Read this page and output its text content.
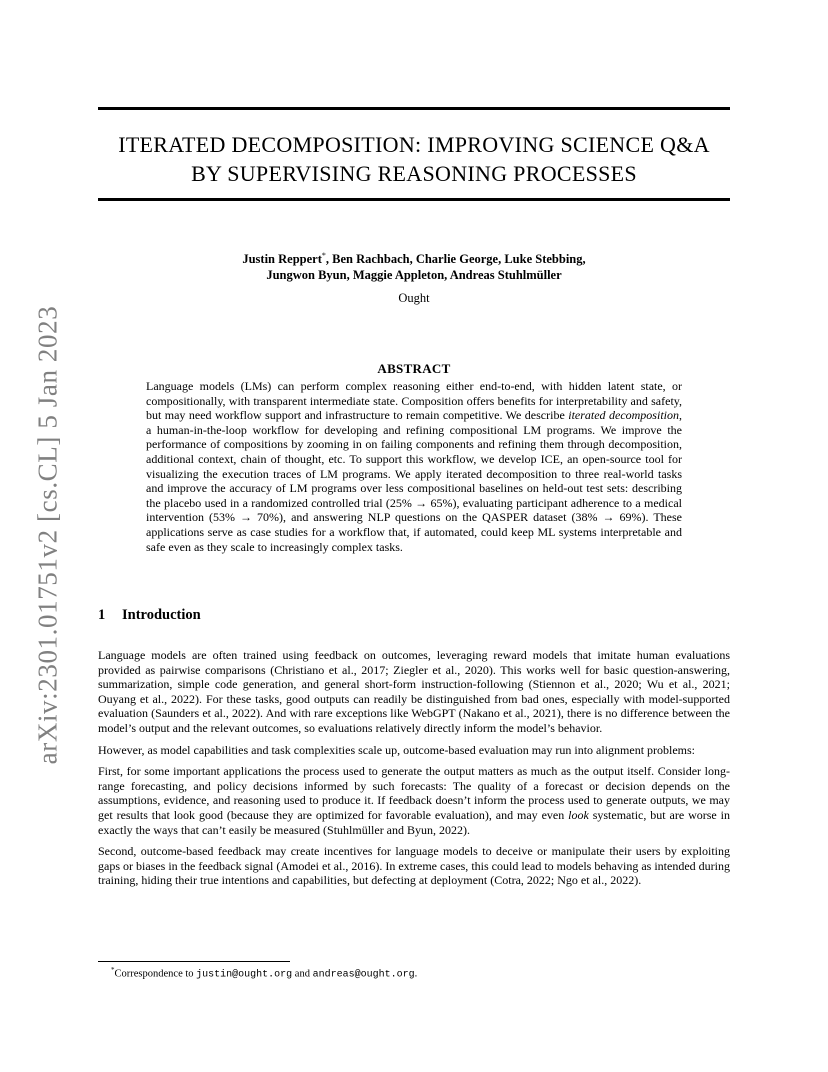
arXiv:2301.01751v2 [cs.CL] 5 Jan 2023
ITERATED DECOMPOSITION: IMPROVING SCIENCE Q&A
BY SUPERVISING REASONING PROCESSES
Justin Reppert*, Ben Rachbach, Charlie George, Luke Stebbing,
Jungwon Byun, Maggie Appleton, Andreas Stuhlmüller
Ought
ABSTRACT

Language models (LMs) can perform complex reasoning either end-to-end, with hidden latent state, or compositionally, with transparent intermediate state. Composition offers benefits for interpretability and safety, but may need workflow support and infrastructure to remain competitive. We describe iterated decomposition, a human-in-the-loop workflow for developing and refining compositional LM programs. We improve the performance of compositions by zooming in on failing components and refining them through decomposition, additional context, chain of thought, etc. To support this workflow, we develop ICE, an open-source tool for visualizing the execution traces of LM programs. We apply iterated decomposition to three real-world tasks and improve the accuracy of LM programs over less compositional baselines on held-out test sets: describing the placebo used in a randomized controlled trial (25% → 65%), evaluating participant adherence to a medical intervention (53% → 70%), and answering NLP questions on the QASPER dataset (38% → 69%). These applications serve as case studies for a workflow that, if automated, could keep ML systems interpretable and safe even as they scale to increasingly complex tasks.

1 Introduction

Language models are often trained using feedback on outcomes, leveraging reward models that imitate human evaluations provided as pairwise comparisons (Christiano et al., 2017; Ziegler et al., 2020). This works well for basic question-answering, summarization, simple code generation, and general short-form instruction-following (Stiennon et al., 2020; Wu et al., 2021; Ouyang et al., 2022). For these tasks, good outputs can readily be distinguished from bad ones, especially with model-supported evaluation (Saunders et al., 2022). And with rare exceptions like WebGPT (Nakano et al., 2021), there is no difference between the model’s output and the relevant outcomes, so evaluations relatively directly inform the model’s behavior.

However, as model capabilities and task complexities scale up, outcome-based evaluation may run into alignment problems:

First, for some important applications the process used to generate the output matters as much as the output itself. Consider long-range forecasting, and policy decisions informed by such forecasts: The quality of a forecast or decision depends on the assumptions, evidence, and reasoning used to produce it. If feedback doesn’t inform the process used to generate outputs, we may get results that look good (because they are optimized for favorable evaluation), and may even look systematic, but are worse in exactly the ways that can’t easily be measured (Stuhlmüller and Byun, 2022).

Second, outcome-based feedback may create incentives for language models to deceive or manipulate their users by exploiting gaps or biases in the feedback signal (Amodei et al., 2016). In extreme cases, this could lead to models behaving as intended during training, hiding their true intentions and capabilities, but defecting at deployment (Cotra, 2022; Ngo et al., 2022).

*Correspondence to justin@ought.org and andreas@ought.org.
